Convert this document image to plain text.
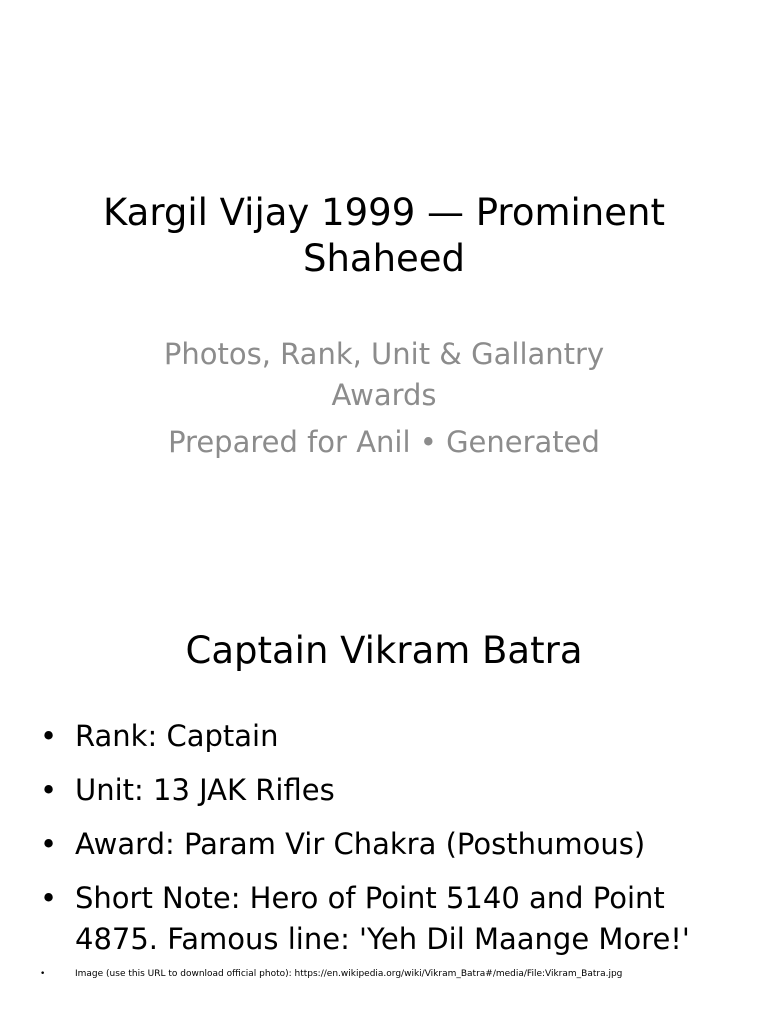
Kargil Vijay 1999 — Prominent Shaheed

Photos, Rank, Unit & Gallantry Awards

Prepared for Anil • Generated

Captain Vikram Batra
• Rank: Captain
• Unit: 13 JAK Rifles
• Award: Param Vir Chakra (Posthumous)
• Short Note: Hero of Point 5140 and Point 4875. Famous line: 'Yeh Dil Maange More!'
• Image (use this URL to download official photo): https://en.wikipedia.org/wiki/Vikram_Batra#/media/File:Vikram_Batra.jpg
